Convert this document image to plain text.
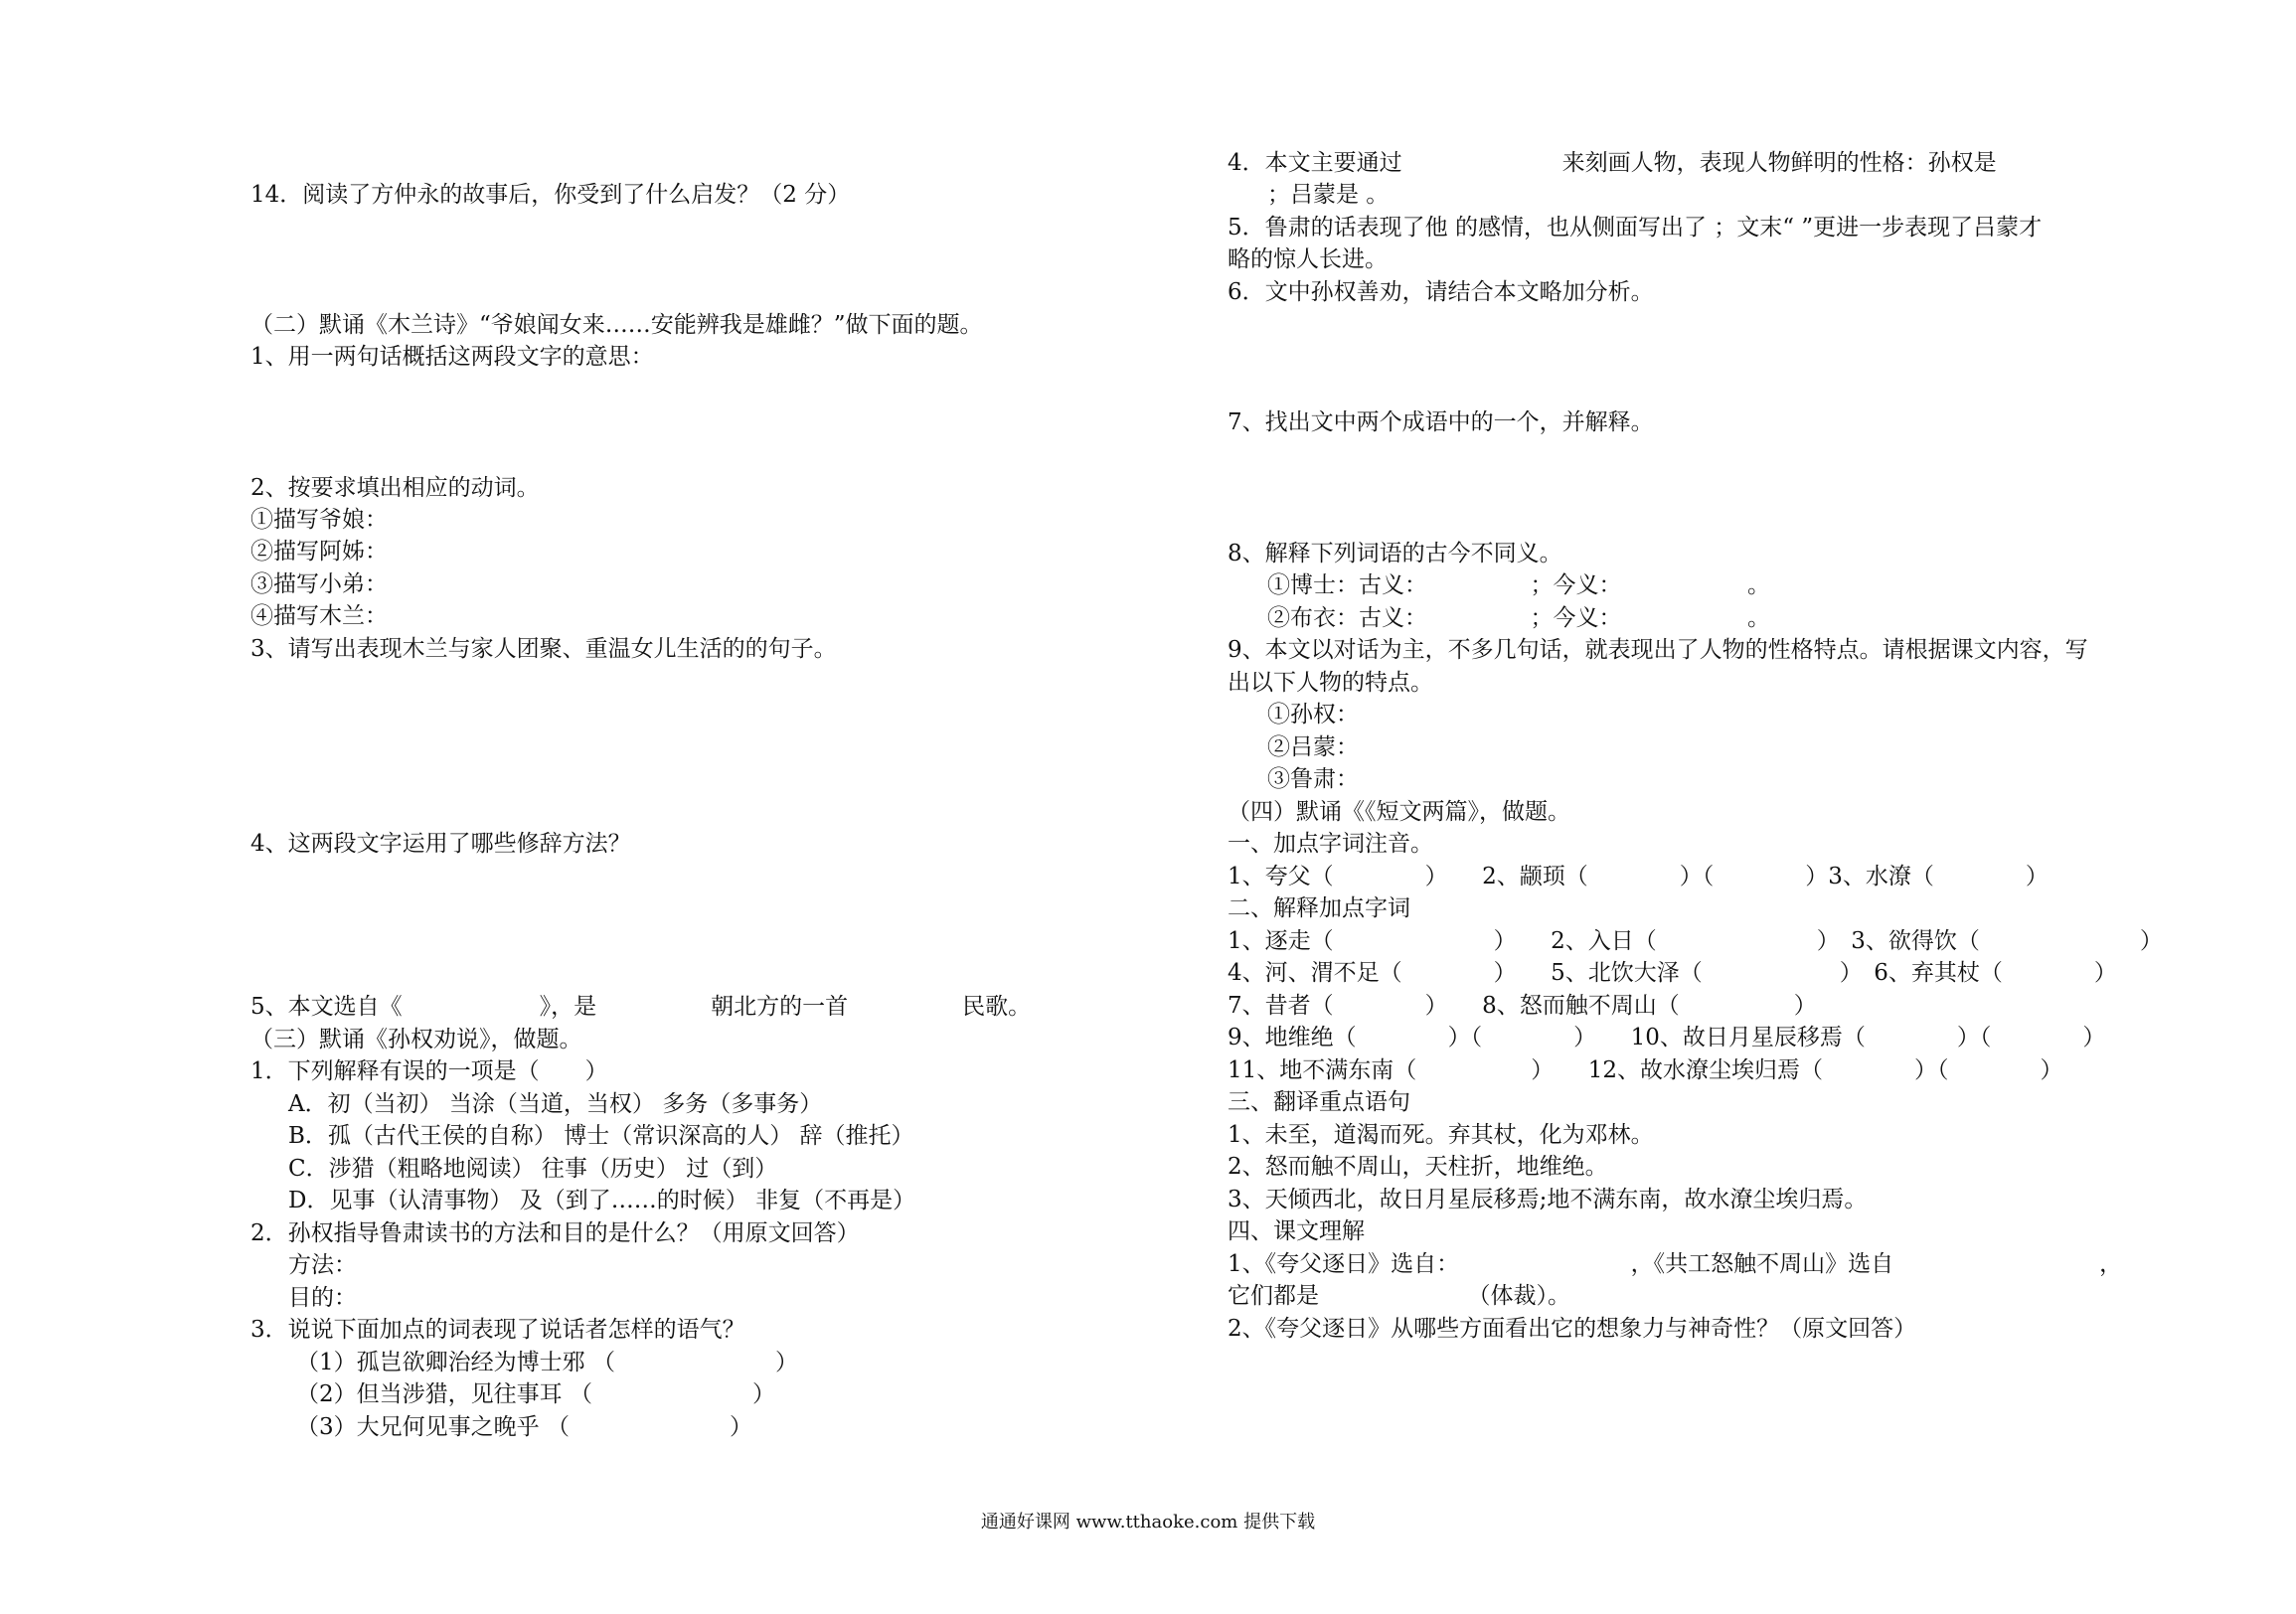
14．阅读了方仲永的故事后，你受到了什么启发？（2 分）
（二）默诵《木兰诗》“爷娘闻女来……安能辨我是雄雌？”做下面的题。
1、用一两句话概括这两段文字的意思：
2、按要求填出相应的动词。
①描写爷娘：
②描写阿姊：
③描写小弟：
④描写木兰：
3、请写出表现木兰与家人团聚、重温女儿生活的的句子。
4、这两段文字运用了哪些修辞方法？
5、本文选自《　　　　　　》，是　　　　　朝北方的一首　　　　　民歌。
（三）默诵《孙权劝说》，做题。
1．下列解释有误的一项是（　　）
A．初（当初） 当涂（当道，当权） 多务（多事务）
B．孤（古代王侯的自称） 博士（常识深高的人） 辞（推托）
C．涉猎（粗略地阅读） 往事（历史） 过（到）
D．见事（认清事物） 及（到了……的时候） 非复（不再是）
2．孙权指导鲁肃读书的方法和目的是什么？（用原文回答）
方法：
目的：
3．说说下面加点的词表现了说话者怎样的语气？
（1）孤岂欲卿治经为博士邪 （　　　　　　　）
（2）但当涉猎，见往事耳 （　　　　　　　）
（3）大兄何见事之晚乎 （　　　　　　　）
4．本文主要通过　　　　　　　来刻画人物，表现人物鲜明的性格：孙权是
；吕蒙是 。
5．鲁肃的话表现了他 的感情，也从侧面写出了 ；文末“ ”更进一步表现了吕蒙才
略的惊人长进。
6．文中孙权善劝，请结合本文略加分析。
7、找出文中两个成语中的一个，并解释。
8、解释下列词语的古今不同义。
①博士：古义：　　　　　；今义：　　　　　　。
②布衣：古义：　　　　　；今义：　　　　　　。
9、本文以对话为主，不多几句话，就表现出了人物的性格特点。请根据课文内容，写
出以下人物的特点。
①孙权：
②吕蒙：
③鲁肃：
（四）默诵《《短文两篇》，做题。
一、加点字词注音。
1、夸父（　　　　）　　2、颛顼（　　　　）（　　　　）3、水潦（　　　　）
二、解释加点字词
1、逐走（　　　　　　　）　　2、入日（　　　　　　　）　3、欲得饮（　　　　　　　）
4、河、渭不足（　　　　）　　5、北饮大泽（　　　　　　）　6、弃其杖（　　　　）
7、昔者（　　　　）　　8、怒而触不周山（　　　　　）
9、地维绝（　　　　）（　　　　）　　10、故日月星辰移焉（　　　　）（　　　　）
11、地不满东南（　　　　　）　　12、故水潦尘埃归焉（　　　　）（　　　　）
三、翻译重点语句
1、未至，道渴而死。弃其杖，化为邓林。
2、怒而触不周山，天柱折，地维绝。
3、天倾西北，故日月星辰移焉;地不满东南，故水潦尘埃归焉。
四、课文理解
1、《夸父逐日》选自：　　　　　　　　，《共工怒触不周山》选自　　　　　　　　　，
它们都是　　　　　　　（体裁）。
2、《夸父逐日》从哪些方面看出它的想象力与神奇性？（原文回答）
通通好课网 www.tthaoke.com 提供下载
